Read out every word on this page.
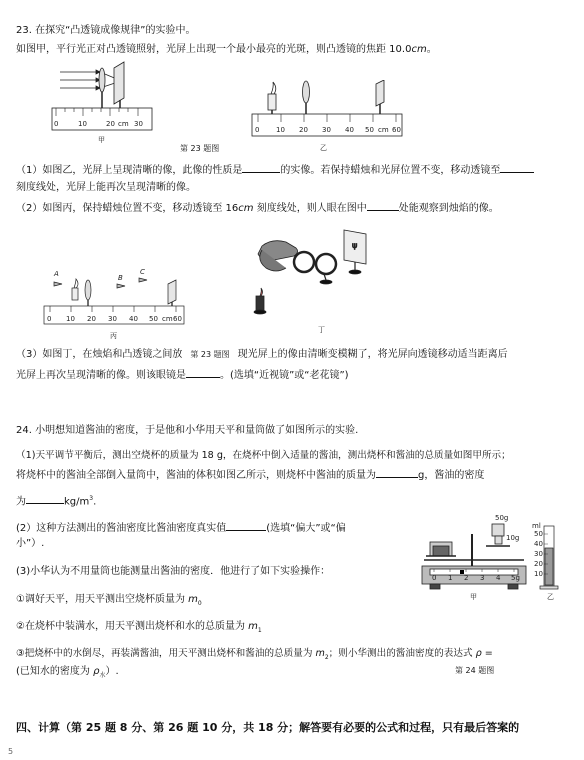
23. 在探究“凸透镜成像规律”的实验中。
如图甲，平行光正对凸透镜照射，光屏上出现一个最小最亮的光斑，则凸透镜的焦距 10.0cm。
0	10	20 cm 30
甲
第 23 题图
0 10 20 30 40 50 cm 60
乙
（1）如图乙，光屏上呈现清晰的像，此像的性质是	的实像。若保持蜡烛和光屏位置不变，移动透镜至
刻度线处，光屏上能再次呈现清晰的像。
（2）如图丙，保持蜡烛位置不变，移动透镜至 16cm 刻度线处，则人眼在图中	处能观察到烛焰的像。
A	B
C
0 10 20 30 40 50 cm 60
丙
ψ
丁
（3）如图丁，在烛焰和凸透镜之间放 第 23 题图 现光屏上的像由清晰变模糊了，将光屏向透镜移动适当距离后
光屏上再次呈现清晰的像。则该眼镜是	。(选填“近视镜”或“老花镜”)
24. 小明想知道酱油的密度，于是他和小华用天平和量筒做了如图所示的实验.
（1)天平调节平衡后，测出空烧杯的质量为 18 g，在烧杯中倒入适量的酱油，测出烧杯和酱油的总质量如图甲所示；
将烧杯中的酱油全部倒入量筒中，酱油的体积如图乙所示，则烧杯中酱油的质量为	g，酱油的密度
为	$kg/m^3$.
(2）这种方法测出的酱油密度比酱油密度真实值	(选填“偏大”或“偏
小”）.
(3)小华认为不用量筒也能测量出酱油的密度．他进行了如下实验操作：
①调好天平，用天平测出空烧杯质量为 $m_0$
②在烧杯中装满水，用天平测出烧杯和水的总质量为 $m_1$
③把烧杯中的水倒尽，再装满酱油，用天平测出烧杯和酱油的总质量为 $m_2$；则小华测出的酱油密度的表达式 ρ =
(已知水的密度为 $\rho_水$）.
50g
10g
0 1 2 3 4 5g
甲
ml
50
40
30
20
10
乙
第 24 题图
四、计算（第 25 题 8 分、第 26 题 10 分，共 18 分；解答要有必要的公式和过程，只有最后答案的
5
